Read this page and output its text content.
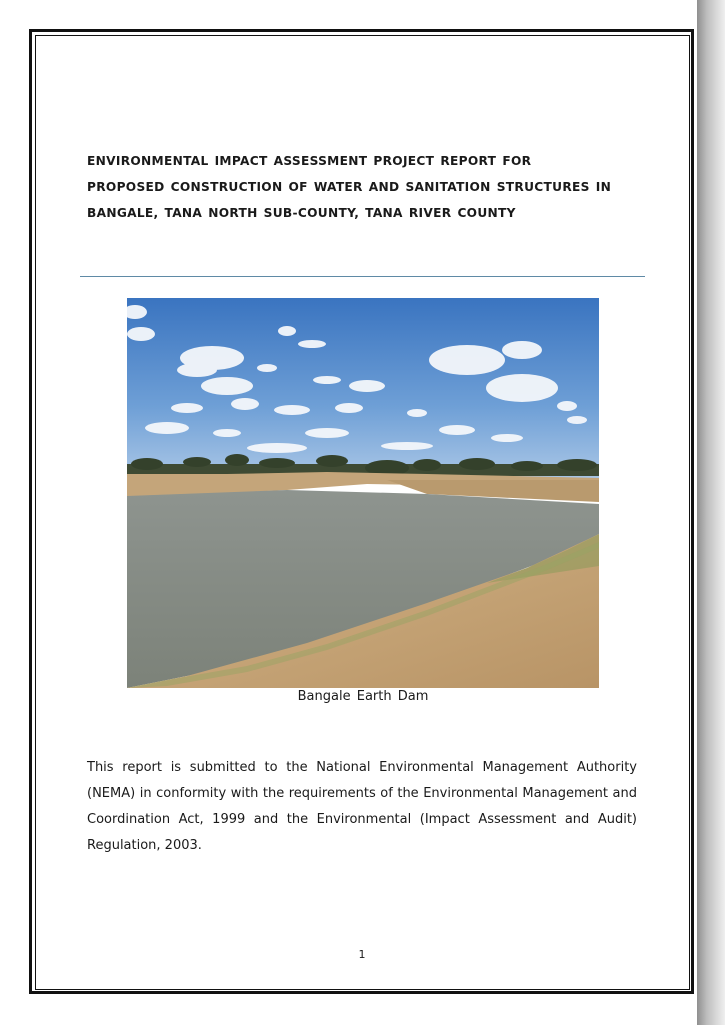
ENVIRONMENTAL IMPACT ASSESSMENT PROJECT REPORT FOR
PROPOSED CONSTRUCTION OF WATER AND SANITATION STRUCTURES IN
BANGALE, TANA NORTH SUB-COUNTY, TANA RIVER COUNTY
Bangale Earth Dam
This report is submitted to the National Environmental Management Authority (NEMA) in conformity with the requirements of the Environmental Management and Coordination Act, 1999 and the Environmental (Impact Assessment and Audit) Regulation, 2003.
1
